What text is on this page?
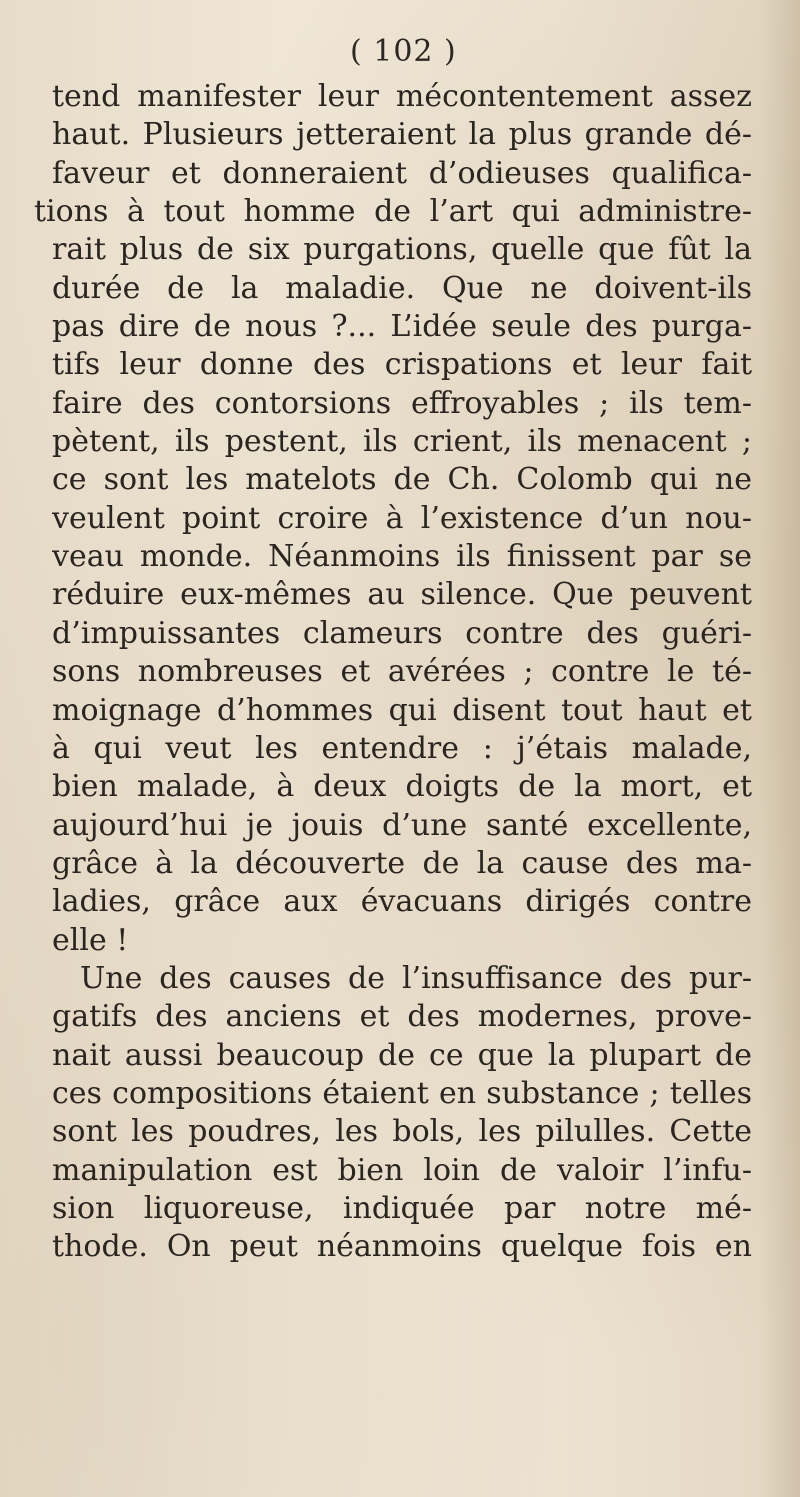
( 102 )
tend manifester leur mécontentement assez
haut. Plusieurs jetteraient la plus grande dé-
faveur et donneraient d’odieuses qualifica-
tions à tout homme de l’art qui administre-
rait plus de six purgations, quelle que fût la
durée de la maladie. Que ne doivent-ils
pas dire de nous ?... L’idée seule des purga-
tifs leur donne des crispations et leur fait
faire des contorsions effroyables ; ils tem-
pètent, ils pestent, ils crient, ils menacent ;
ce sont les matelots de Ch. Colomb qui ne
veulent point croire à l’existence d’un nou-
veau monde. Néanmoins ils finissent par se
réduire eux-mêmes au silence. Que peuvent
d’impuissantes clameurs contre des guéri-
sons nombreuses et avérées ; contre le té-
moignage d’hommes qui disent tout haut et
à qui veut les entendre : j’étais malade,
bien malade, à deux doigts de la mort, et
aujourd’hui je jouis d’une santé excellente,
grâce à la découverte de la cause des ma-
ladies, grâce aux évacuans dirigés contre
elle !
Une des causes de l’insuffisance des pur-
gatifs des anciens et des modernes, prove-
nait aussi beaucoup de ce que la plupart de
ces compositions étaient en substance ; telles
sont les poudres, les bols, les pilulles. Cette
manipulation est bien loin de valoir l’infu-
sion liquoreuse, indiquée par notre mé-
thode. On peut néanmoins quelque fois en
